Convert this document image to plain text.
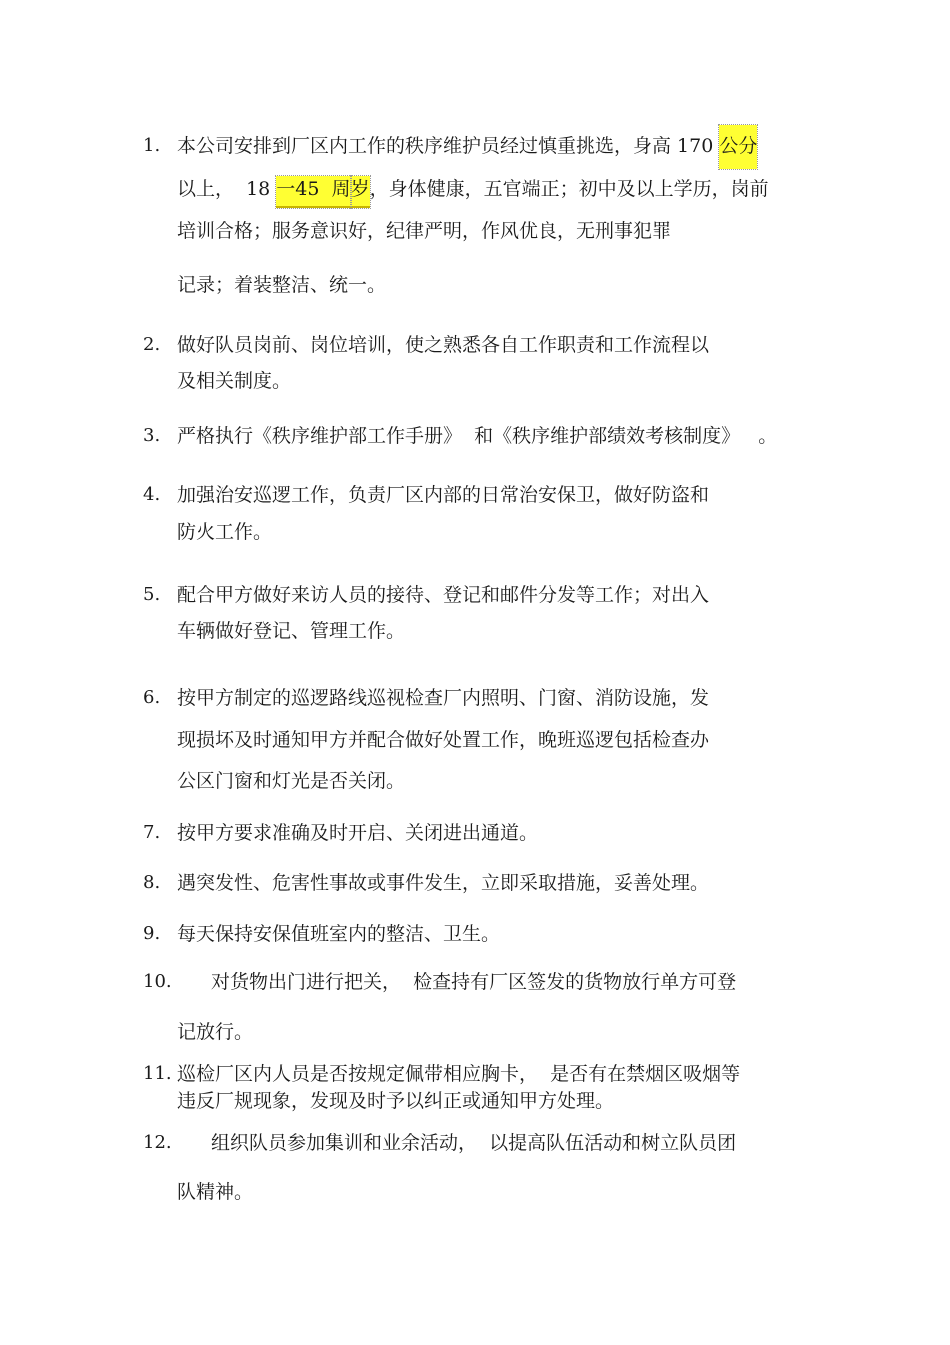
1. 本公司安排到厂区内工作的秩序维护员经过慎重挑选，身高 170 公分
以上，  18 一45  周岁，身体健康，五官端正；初中及以上学历，岗前
培训合格；服务意识好，纪律严明，作风优良，无刑事犯罪
记录；着装整洁、统一。
2. 做好队员岗前、岗位培训，使之熟悉各自工作职责和工作流程以
及相关制度。
3. 严格执行《秩序维护部工作手册》  和《秩序维护部绩效考核制度》   。
4. 加强治安巡逻工作，负责厂区内部的日常治安保卫，做好防盗和
防火工作。
5. 配合甲方做好来访人员的接待、登记和邮件分发等工作；对出入
车辆做好登记、管理工作。
6. 按甲方制定的巡逻路线巡视检查厂内照明、门窗、消防设施，发
现损坏及时通知甲方并配合做好处置工作，晚班巡逻包括检查办
公区门窗和灯光是否关闭。
7. 按甲方要求准确及时开启、关闭进出通道。
8. 遇突发性、危害性事故或事件发生，立即采取措施，妥善处理。
9. 每天保持安保值班室内的整洁、卫生。
10. 对货物出门进行把关，  检查持有厂区签发的货物放行单方可登
记放行。
11. 巡检厂区内人员是否按规定佩带相应胸卡，  是否有在禁烟区吸烟等
违反厂规现象，发现及时予以纠正或通知甲方处理。
12. 组织队员参加集训和业余活动，  以提高队伍活动和树立队员团
队精神。
